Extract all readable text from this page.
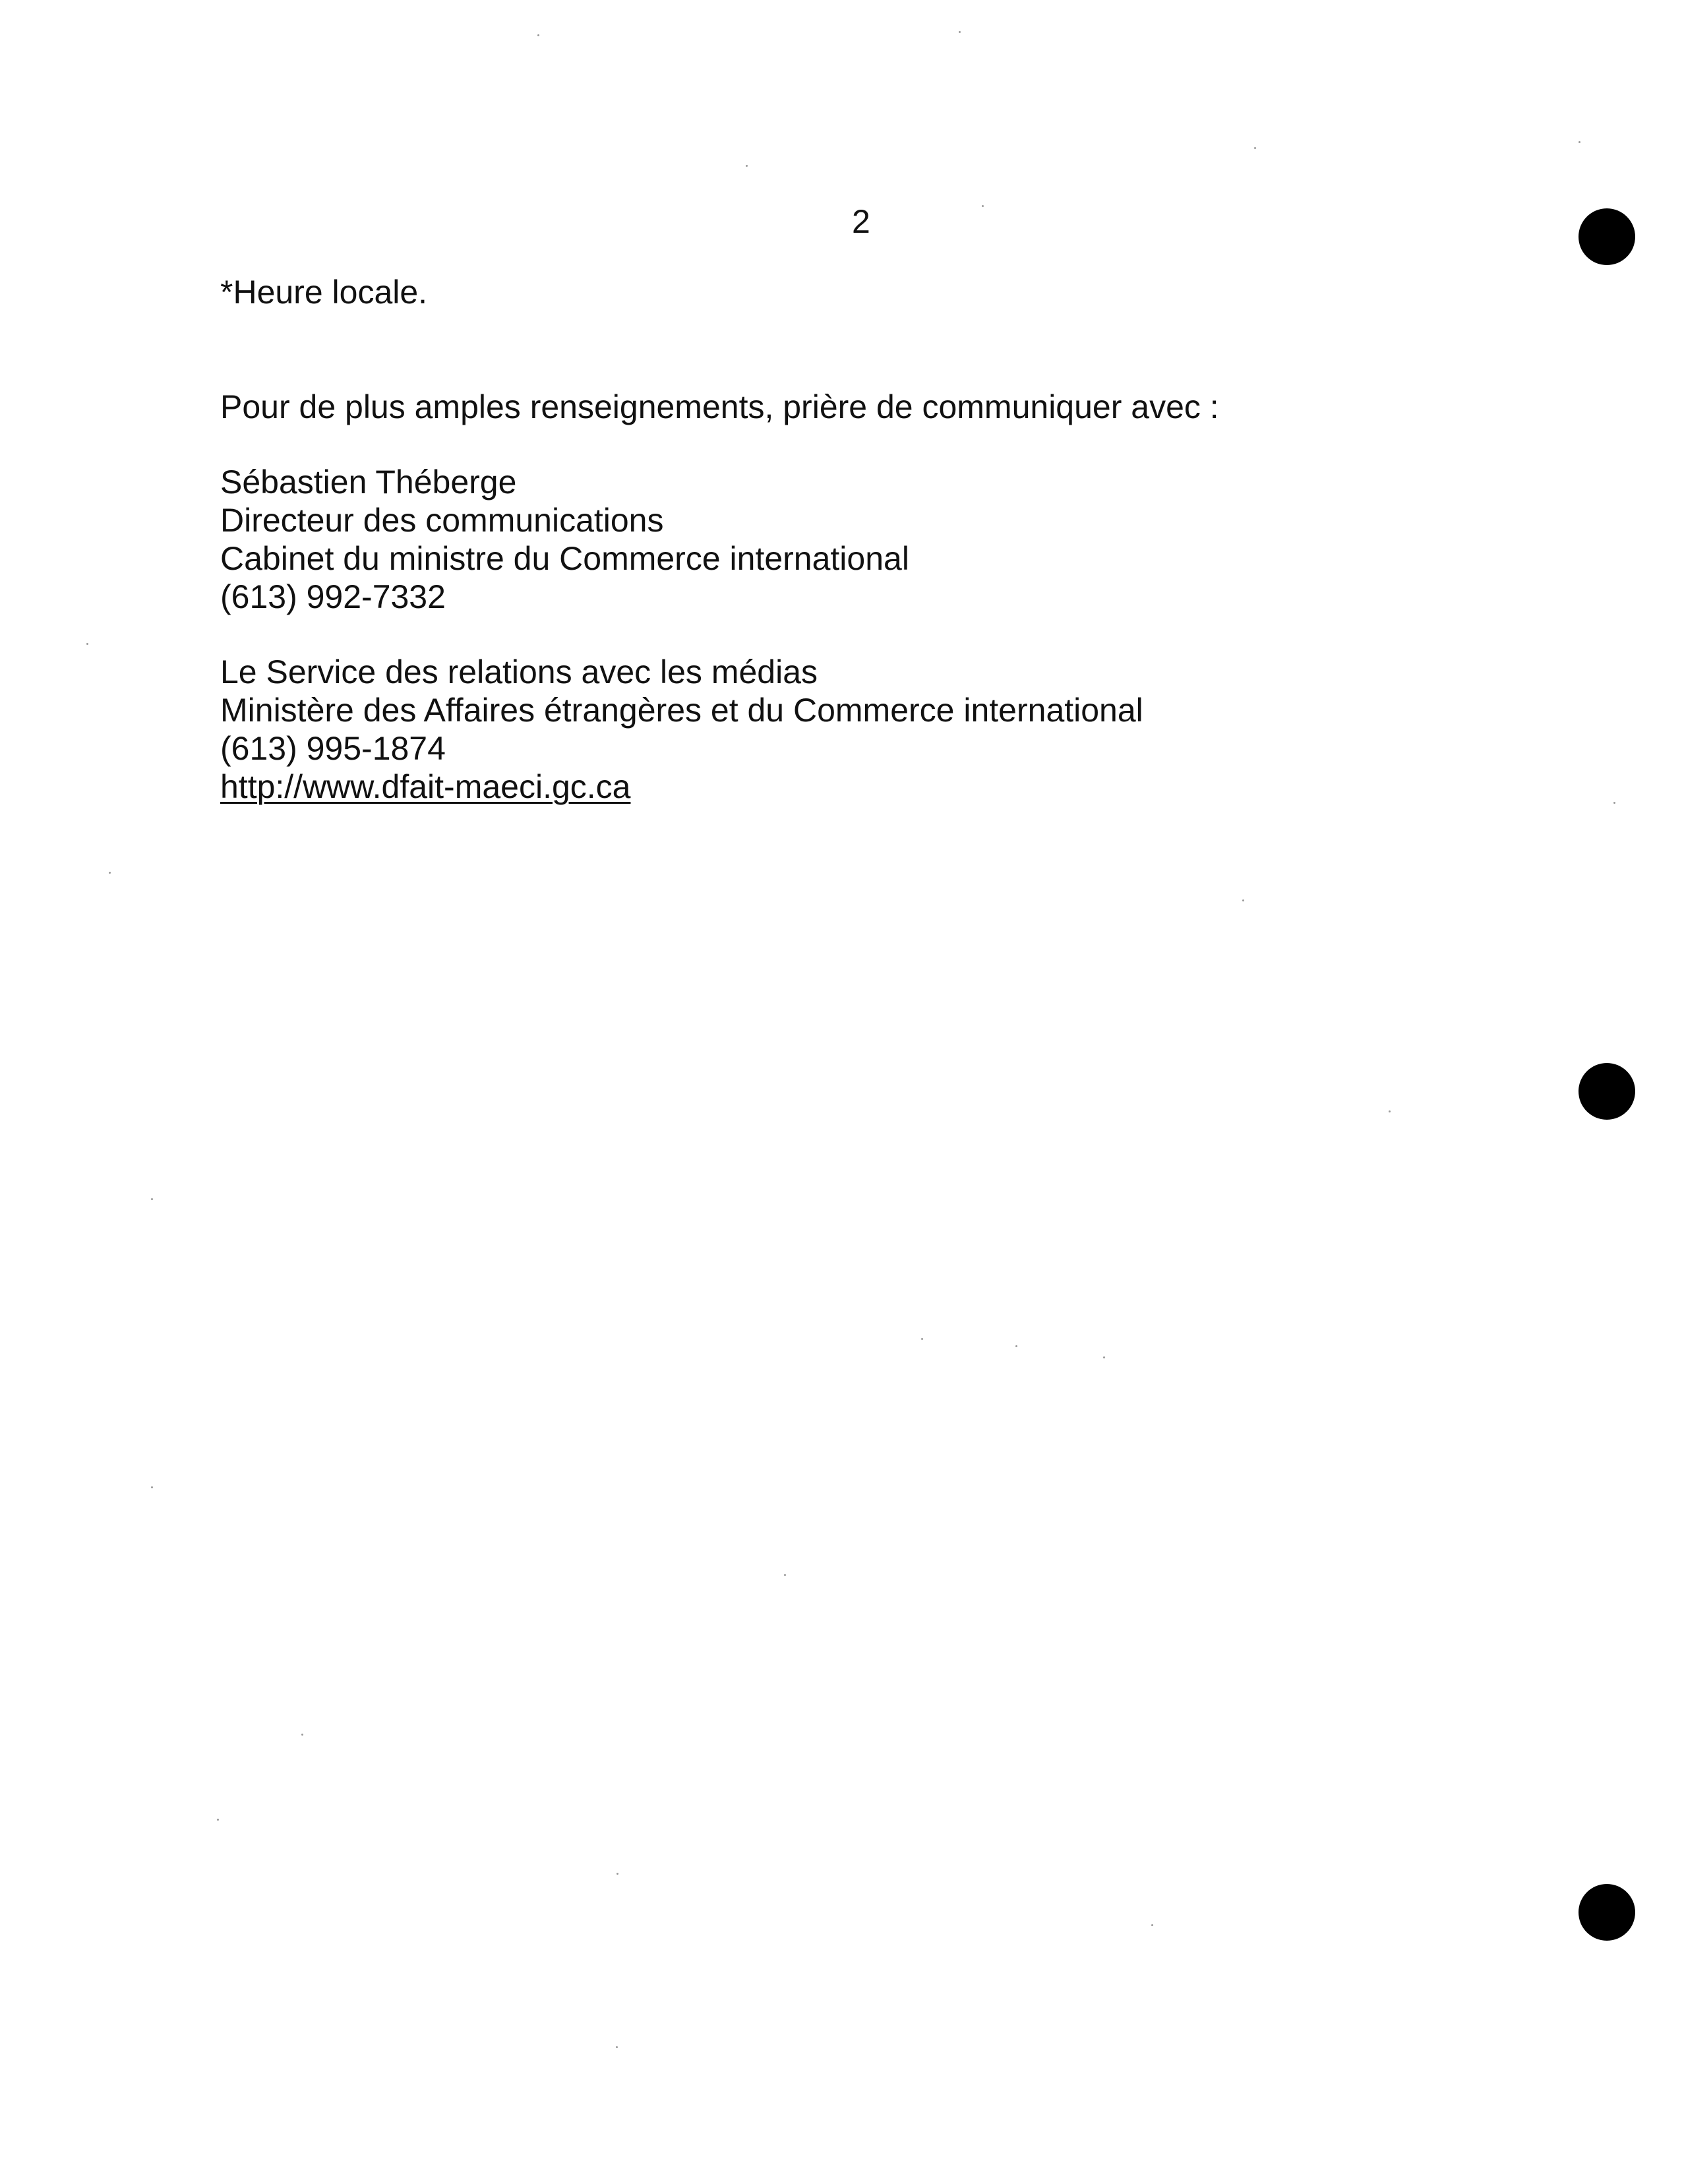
2
*Heure locale.
Pour de plus amples renseignements, prière de communiquer avec :
Sébastien Théberge
Directeur des communications
Cabinet du ministre du Commerce international
(613) 992-7332
Le Service des relations avec les médias
Ministère des Affaires étrangères et du Commerce international
(613) 995-1874
http://www.dfait-maeci.gc.ca
